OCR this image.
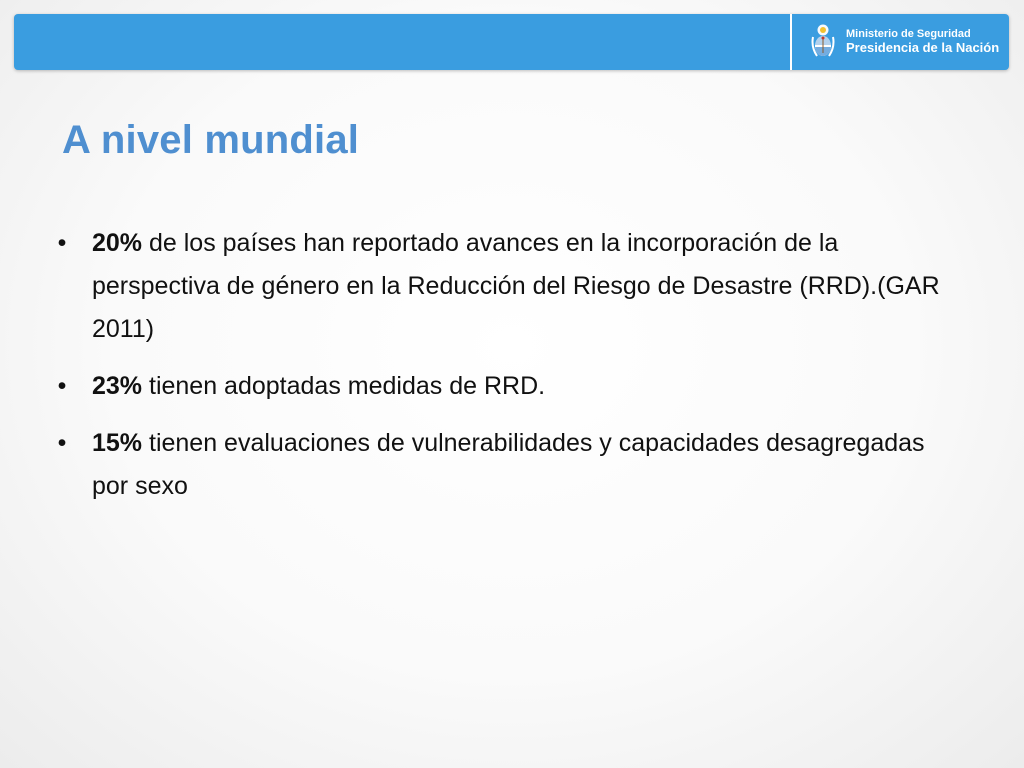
Ministerio de Seguridad
Presidencia de la Nación
A nivel mundial
• 20% de los países han reportado avances en la incorporación de la perspectiva de género en la Reducción del Riesgo de Desastre (RRD).(GAR 2011)
• 23% tienen adoptadas medidas de RRD.
• 15% tienen evaluaciones de vulnerabilidades y capacidades desagregadas por sexo
